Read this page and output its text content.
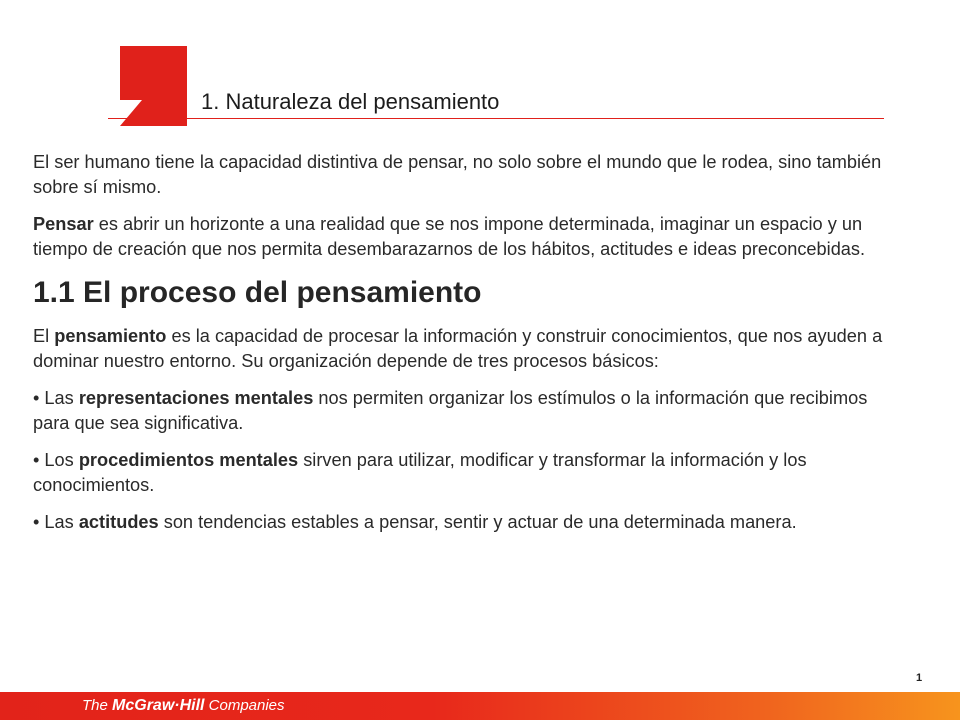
1. Naturaleza del pensamiento

El ser humano tiene la capacidad distintiva de pensar, no solo sobre el mundo que le rodea, sino también sobre sí mismo.

Pensar es abrir un horizonte a una realidad que se nos impone determinada, imaginar un espacio y un tiempo de creación que nos permita desembarazarnos de los hábitos, actitudes e ideas preconcebidas.

1.1 El proceso del pensamiento

El pensamiento es la capacidad de procesar la información y construir conocimientos, que nos ayuden a dominar nuestro entorno. Su organización depende de tres procesos básicos:

• Las representaciones mentales nos permiten organizar los estímulos o la información que recibimos para que sea significativa.

• Los procedimientos mentales sirven para utilizar, modificar y transformar la información y los conocimientos.

• Las actitudes son tendencias estables a pensar, sentir y actuar de una determinada manera.

1
The McGraw·Hill Companies
